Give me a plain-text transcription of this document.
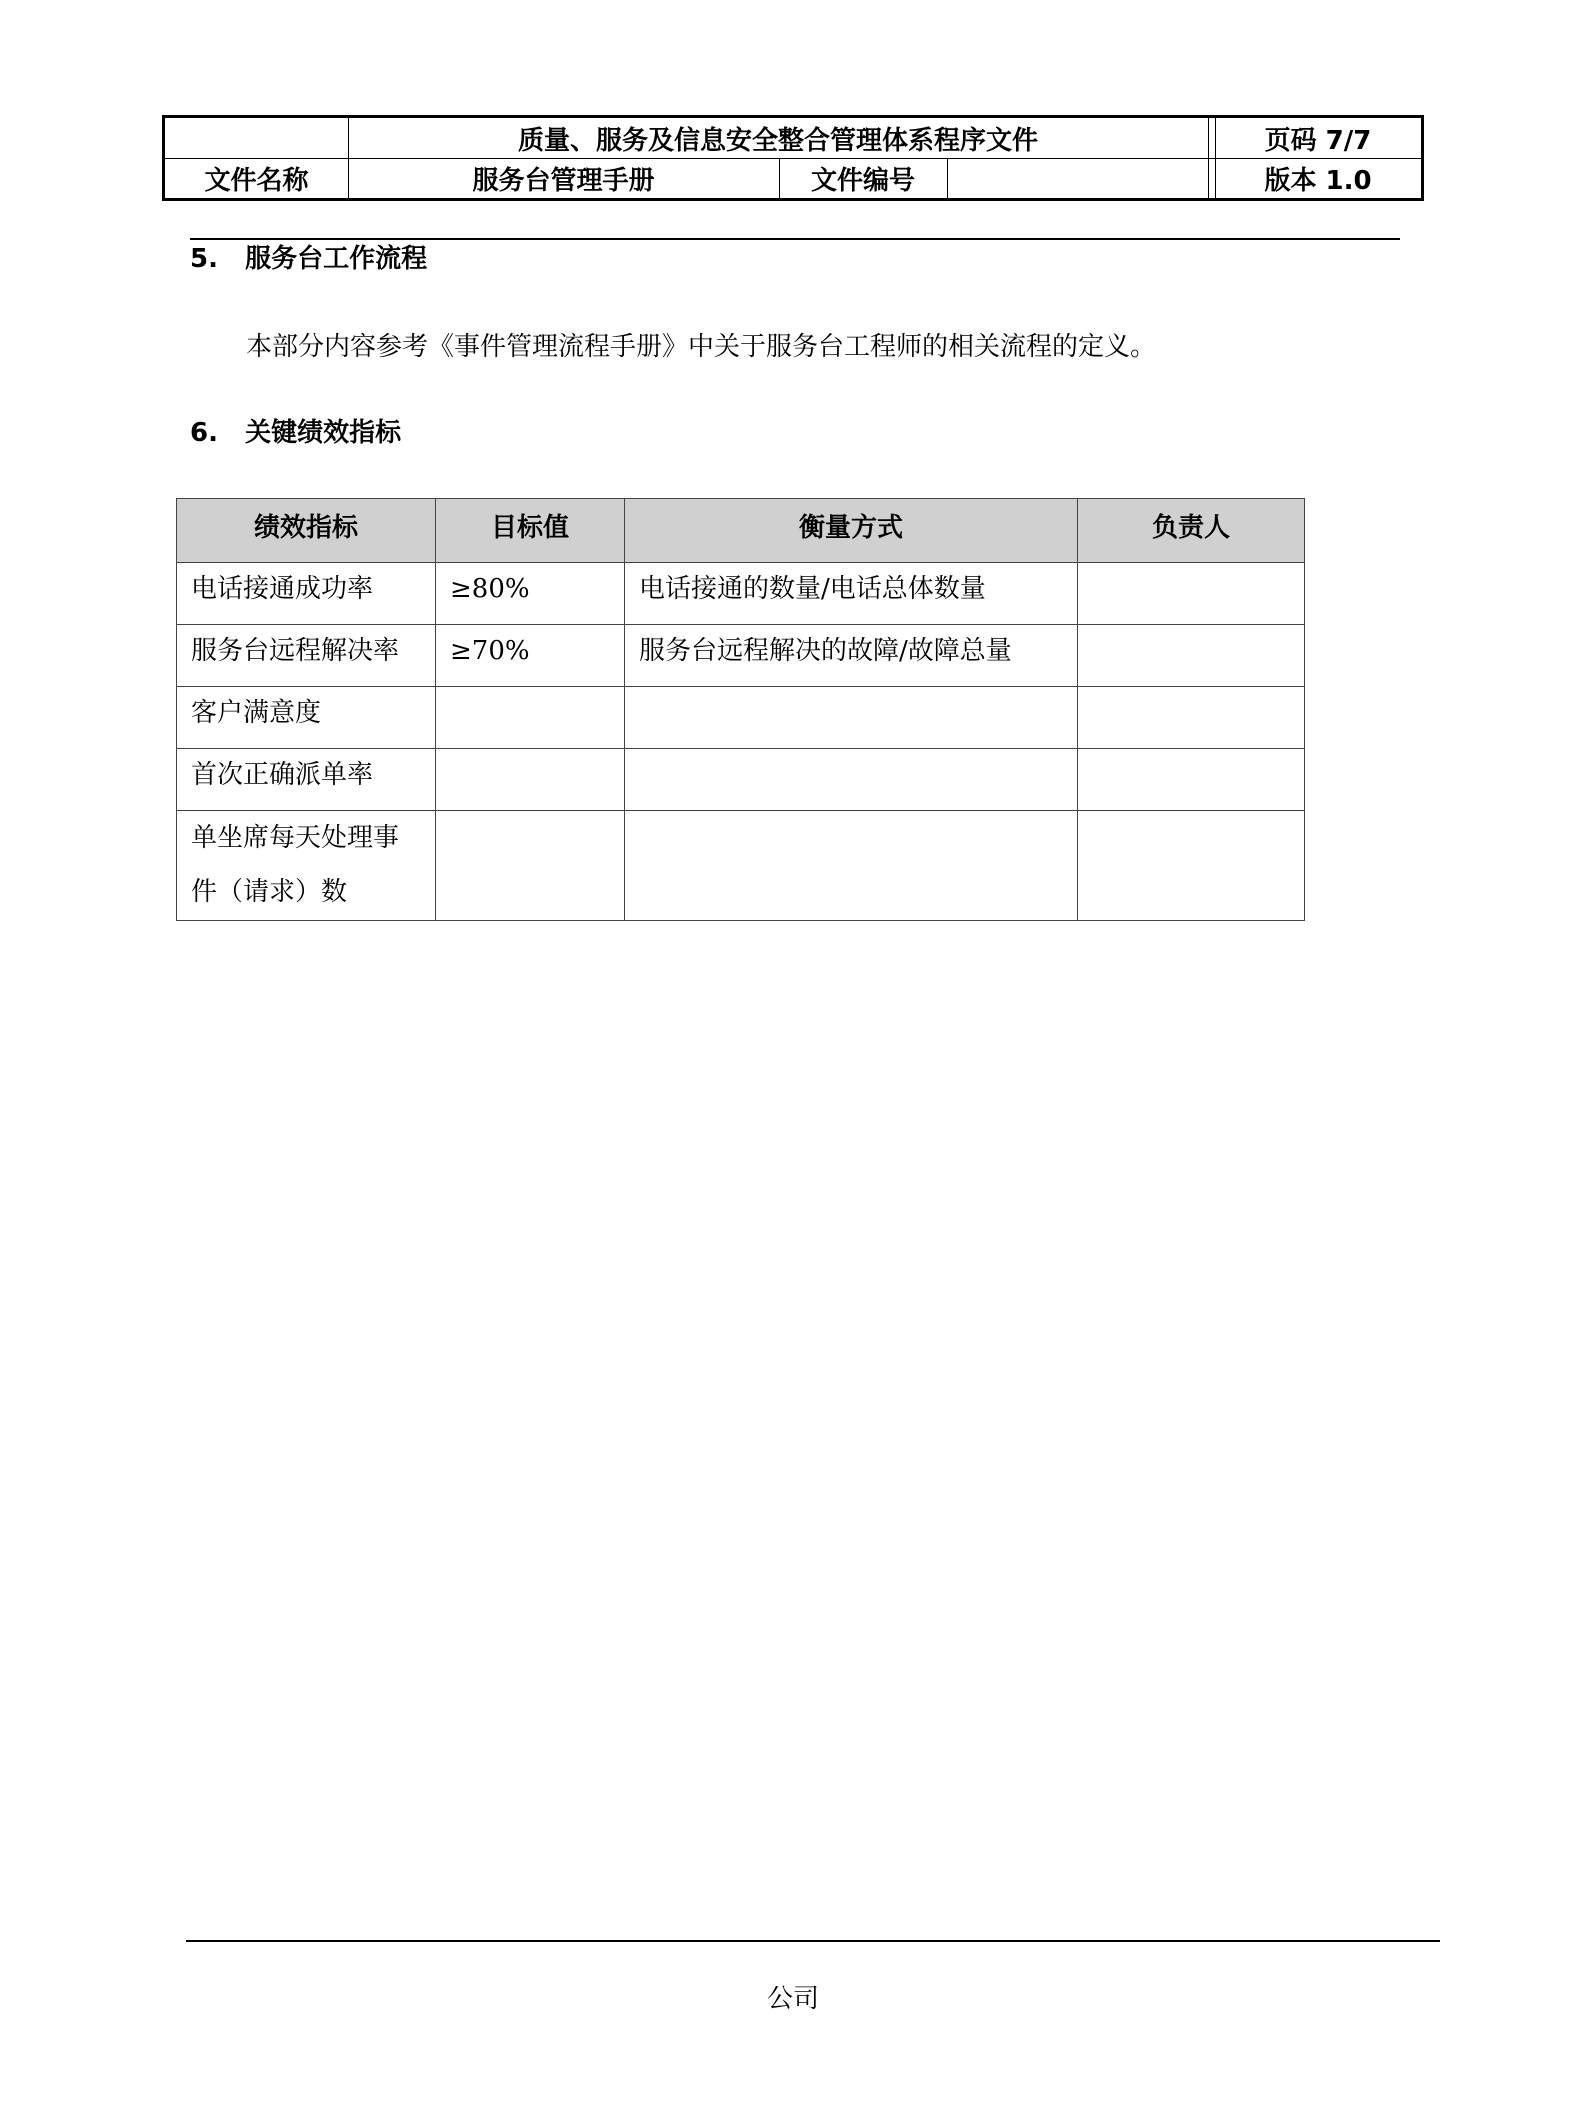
质量、服务及信息安全整合管理体系程序文件	页码 7/7
文件名称	服务台管理手册	文件编号	版本 1.0
5.   服务台工作流程
本部分内容参考《事件管理流程手册》中关于服务台工程师的相关流程的定义。
6.   关键绩效指标
绩效指标	目标值	衡量方式	负责人
电话接通成功率	≥80%	电话接通的数量/电话总体数量	
服务台远程解决率	≥70%	服务台远程解决的故障/故障总量	
客户满意度			
首次正确派单率			
单坐席每天处理事件（请求）数			
公司
